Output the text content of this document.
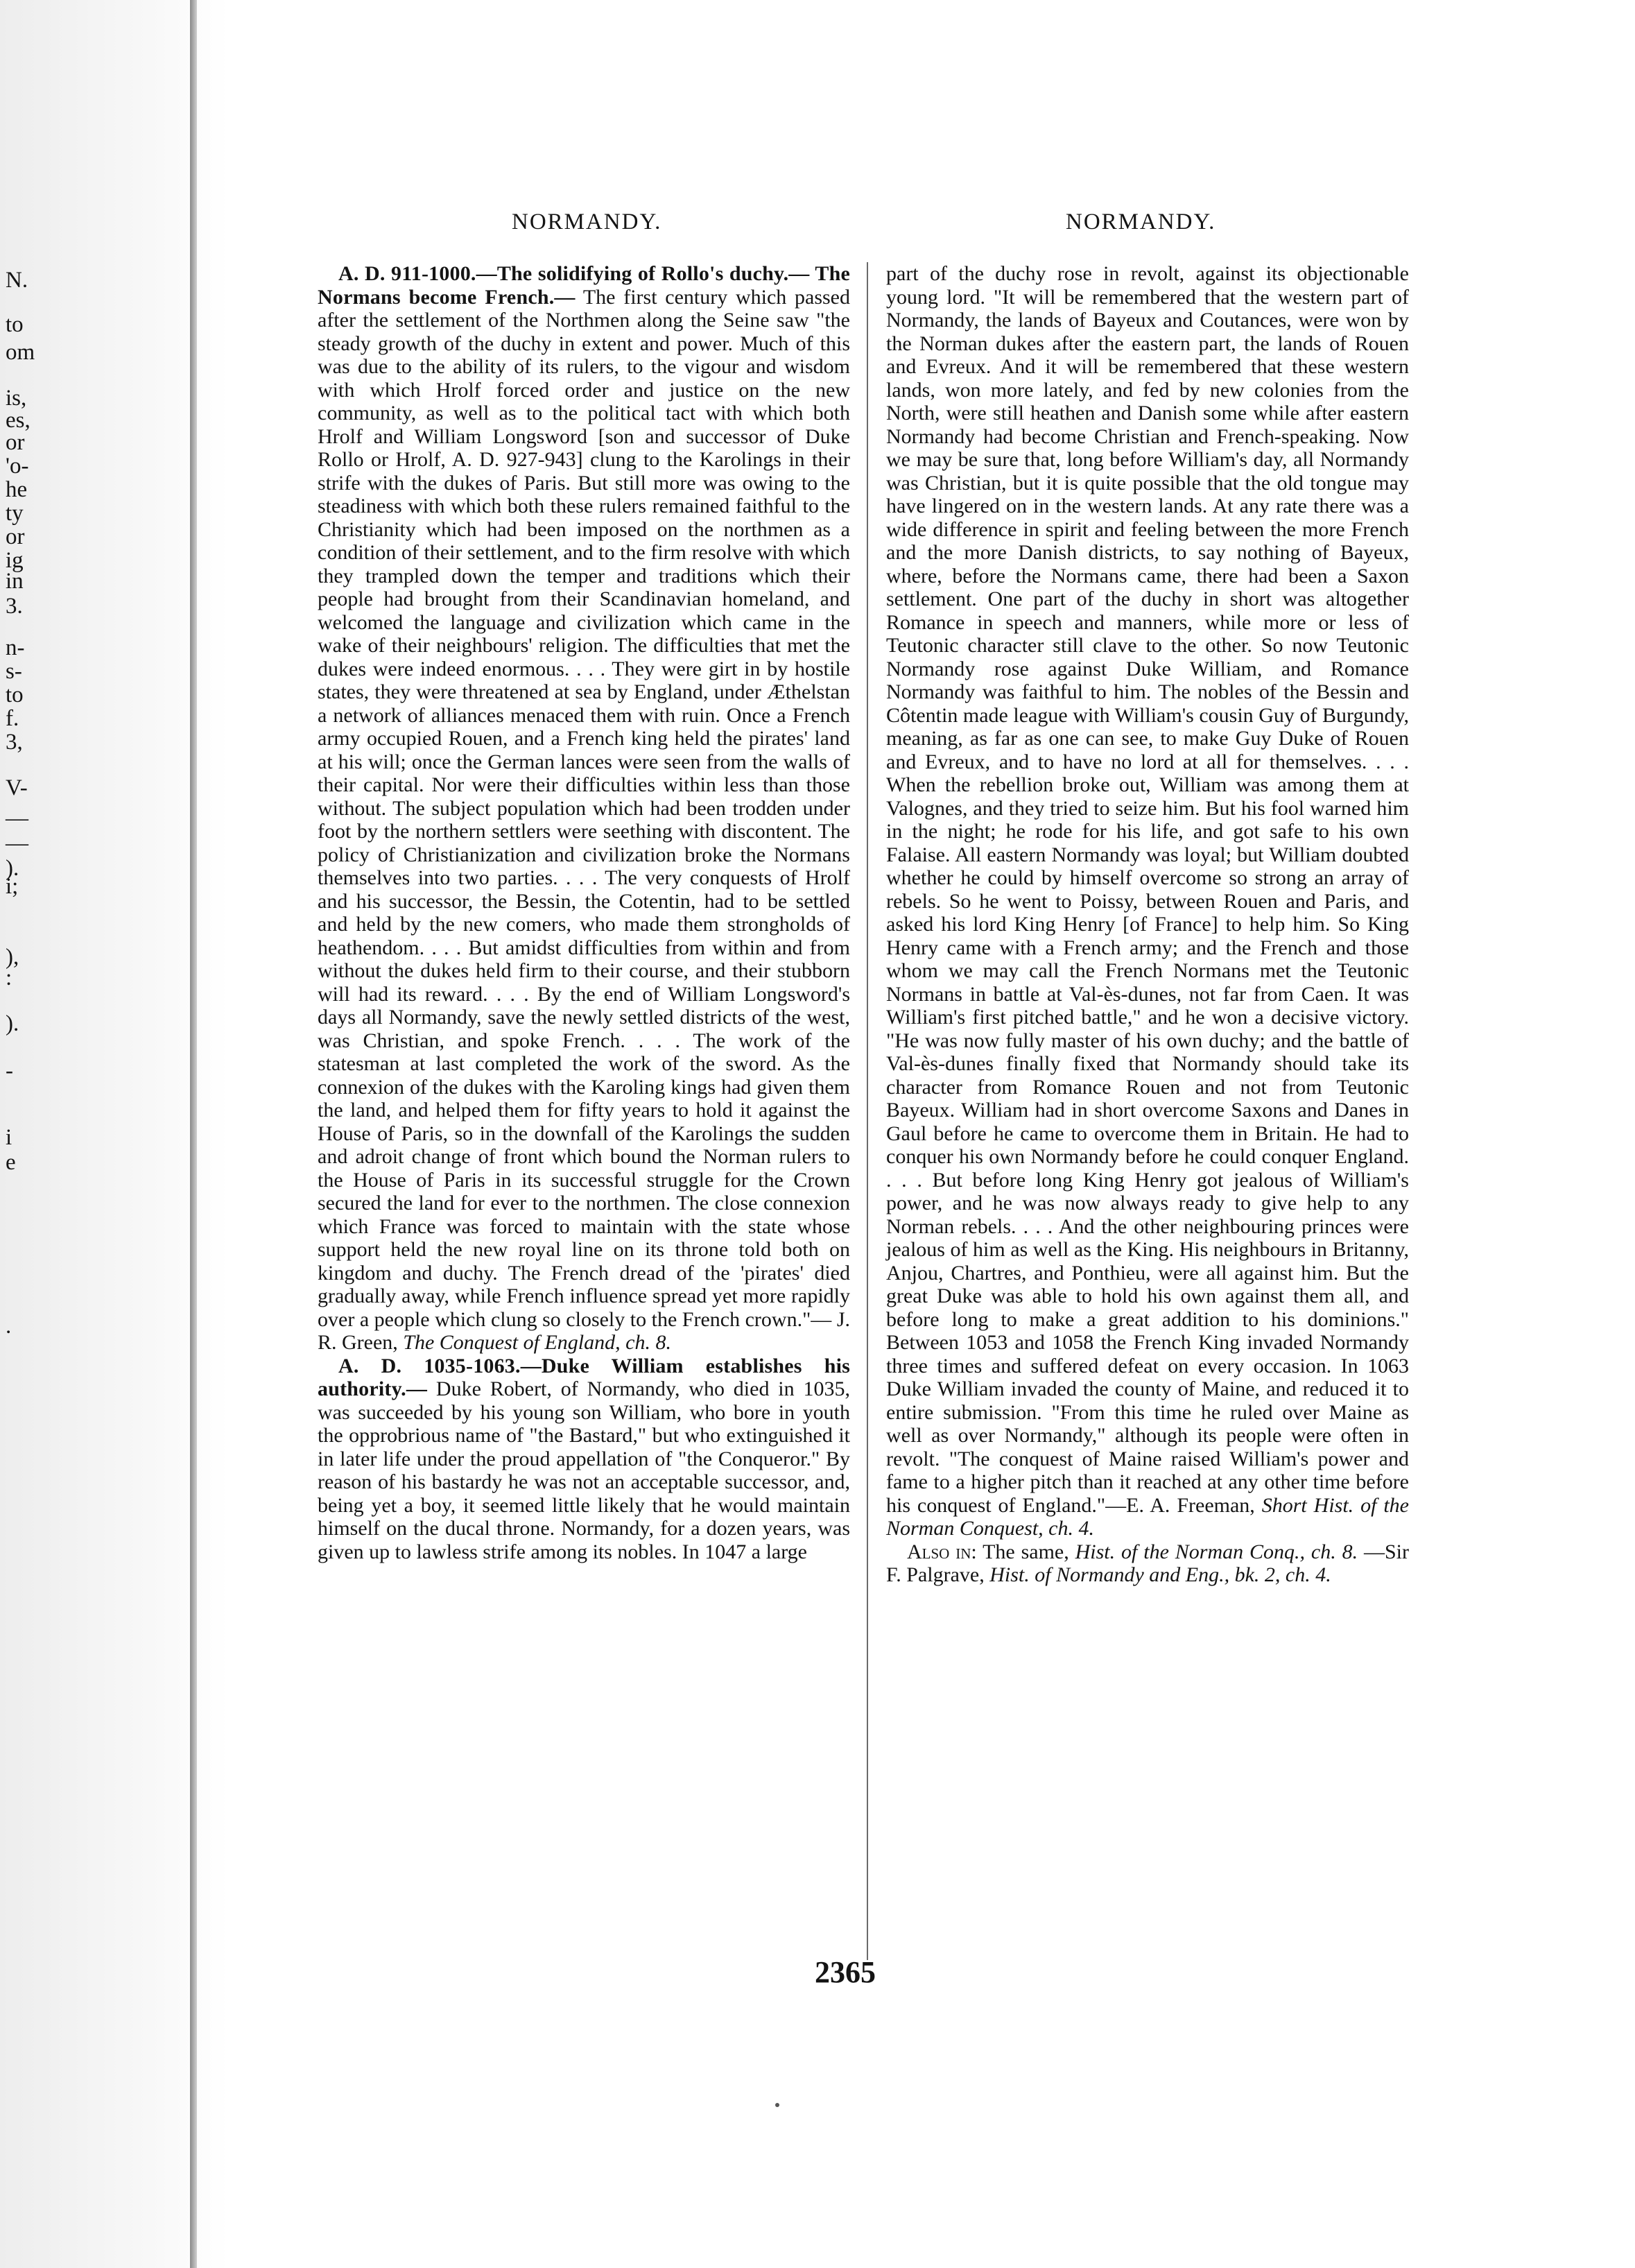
N.
to
om
is,
es,
or
'o-
he
ty
or
ig
in
3.
n-
s-
to
f.
3,
V-
—
—
).
i;
),
:
).
-
i
e
.
NORMANDY.	NORMANDY.

A. D. 911-1000.—The solidifying of Rollo's duchy.— The Normans become French.— The first century which passed after the settlement of the Northmen along the Seine saw "the steady growth of the duchy in extent and power. Much of this was due to the ability of its rulers, to the vigour and wisdom with which Hrolf forced order and justice on the new community, as well as to the political tact with which both Hrolf and William Longsword [son and successor of Duke Rollo or Hrolf, A. D. 927-943] clung to the Karolings in their strife with the dukes of Paris. But still more was owing to the steadiness with which both these rulers remained faithful to the Christianity which had been imposed on the northmen as a condition of their settlement, and to the firm resolve with which they trampled down the temper and traditions which their people had brought from their Scandinavian homeland, and welcomed the language and civilization which came in the wake of their neighbours' religion. The difficulties that met the dukes were indeed enormous. . . . They were girt in by hostile states, they were threatened at sea by England, under Æthelstan a network of alliances menaced them with ruin. Once a French army occupied Rouen, and a French king held the pirates' land at his will; once the German lances were seen from the walls of their capital. Nor were their difficulties within less than those without. The subject population which had been trodden under foot by the northern settlers were seething with discontent. The policy of Christianization and civilization broke the Normans themselves into two parties. . . . The very conquests of Hrolf and his successor, the Bessin, the Cotentin, had to be settled and held by the new comers, who made them strongholds of heathendom. . . . But amidst difficulties from within and from without the dukes held firm to their course, and their stubborn will had its reward. . . . By the end of William Longsword's days all Normandy, save the newly settled districts of the west, was Christian, and spoke French. . . . The work of the statesman at last completed the work of the sword. As the connexion of the dukes with the Karoling kings had given them the land, and helped them for fifty years to hold it against the House of Paris, so in the downfall of the Karolings the sudden and adroit change of front which bound the Norman rulers to the House of Paris in its successful struggle for the Crown secured the land for ever to the northmen. The close connexion which France was forced to maintain with the state whose support held the new royal line on its throne told both on kingdom and duchy. The French dread of the 'pirates' died gradually away, while French influence spread yet more rapidly over a people which clung so closely to the French crown."— J. R. Green, The Conquest of England, ch. 8.

A. D. 1035-1063.—Duke William establishes his authority.— Duke Robert, of Normandy, who died in 1035, was succeeded by his young son William, who bore in youth the opprobrious name of "the Bastard," but who extinguished it in later life under the proud appellation of "the Conqueror." By reason of his bastardy he was not an acceptable successor, and, being yet a boy, it seemed little likely that he would maintain himself on the ducal throne. Normandy, for a dozen years, was given up to lawless strife among its nobles. In 1047 a large

part of the duchy rose in revolt, against its objectionable young lord. "It will be remembered that the western part of Normandy, the lands of Bayeux and Coutances, were won by the Norman dukes after the eastern part, the lands of Rouen and Evreux. And it will be remembered that these western lands, won more lately, and fed by new colonies from the North, were still heathen and Danish some while after eastern Normandy had become Christian and French-speaking. Now we may be sure that, long before William's day, all Normandy was Christian, but it is quite possible that the old tongue may have lingered on in the western lands. At any rate there was a wide difference in spirit and feeling between the more French and the more Danish districts, to say nothing of Bayeux, where, before the Normans came, there had been a Saxon settlement. One part of the duchy in short was altogether Romance in speech and manners, while more or less of Teutonic character still clave to the other. So now Teutonic Normandy rose against Duke William, and Romance Normandy was faithful to him. The nobles of the Bessin and Côtentin made league with William's cousin Guy of Burgundy, meaning, as far as one can see, to make Guy Duke of Rouen and Evreux, and to have no lord at all for themselves. . . . When the rebellion broke out, William was among them at Valognes, and they tried to seize him. But his fool warned him in the night; he rode for his life, and got safe to his own Falaise. All eastern Normandy was loyal; but William doubted whether he could by himself overcome so strong an array of rebels. So he went to Poissy, between Rouen and Paris, and asked his lord King Henry [of France] to help him. So King Henry came with a French army; and the French and those whom we may call the French Normans met the Teutonic Normans in battle at Val-ès-dunes, not far from Caen. It was William's first pitched battle," and he won a decisive victory. "He was now fully master of his own duchy; and the battle of Val-ès-dunes finally fixed that Normandy should take its character from Romance Rouen and not from Teutonic Bayeux. William had in short overcome Saxons and Danes in Gaul before he came to overcome them in Britain. He had to conquer his own Normandy before he could conquer England. . . . But before long King Henry got jealous of William's power, and he was now always ready to give help to any Norman rebels. . . . And the other neighbouring princes were jealous of him as well as the King. His neighbours in Britanny, Anjou, Chartres, and Ponthieu, were all against him. But the great Duke was able to hold his own against them all, and before long to make a great addition to his dominions." Between 1053 and 1058 the French King invaded Normandy three times and suffered defeat on every occasion. In 1063 Duke William invaded the county of Maine, and reduced it to entire submission. "From this time he ruled over Maine as well as over Normandy," although its people were often in revolt. "The conquest of Maine raised William's power and fame to a higher pitch than it reached at any other time before his conquest of England."—E. A. Freeman, Short Hist. of the Norman Conquest, ch. 4.

Also in: The same, Hist. of the Norman Conq., ch. 8. —Sir F. Palgrave, Hist. of Normandy and Eng., bk. 2, ch. 4.

2365
